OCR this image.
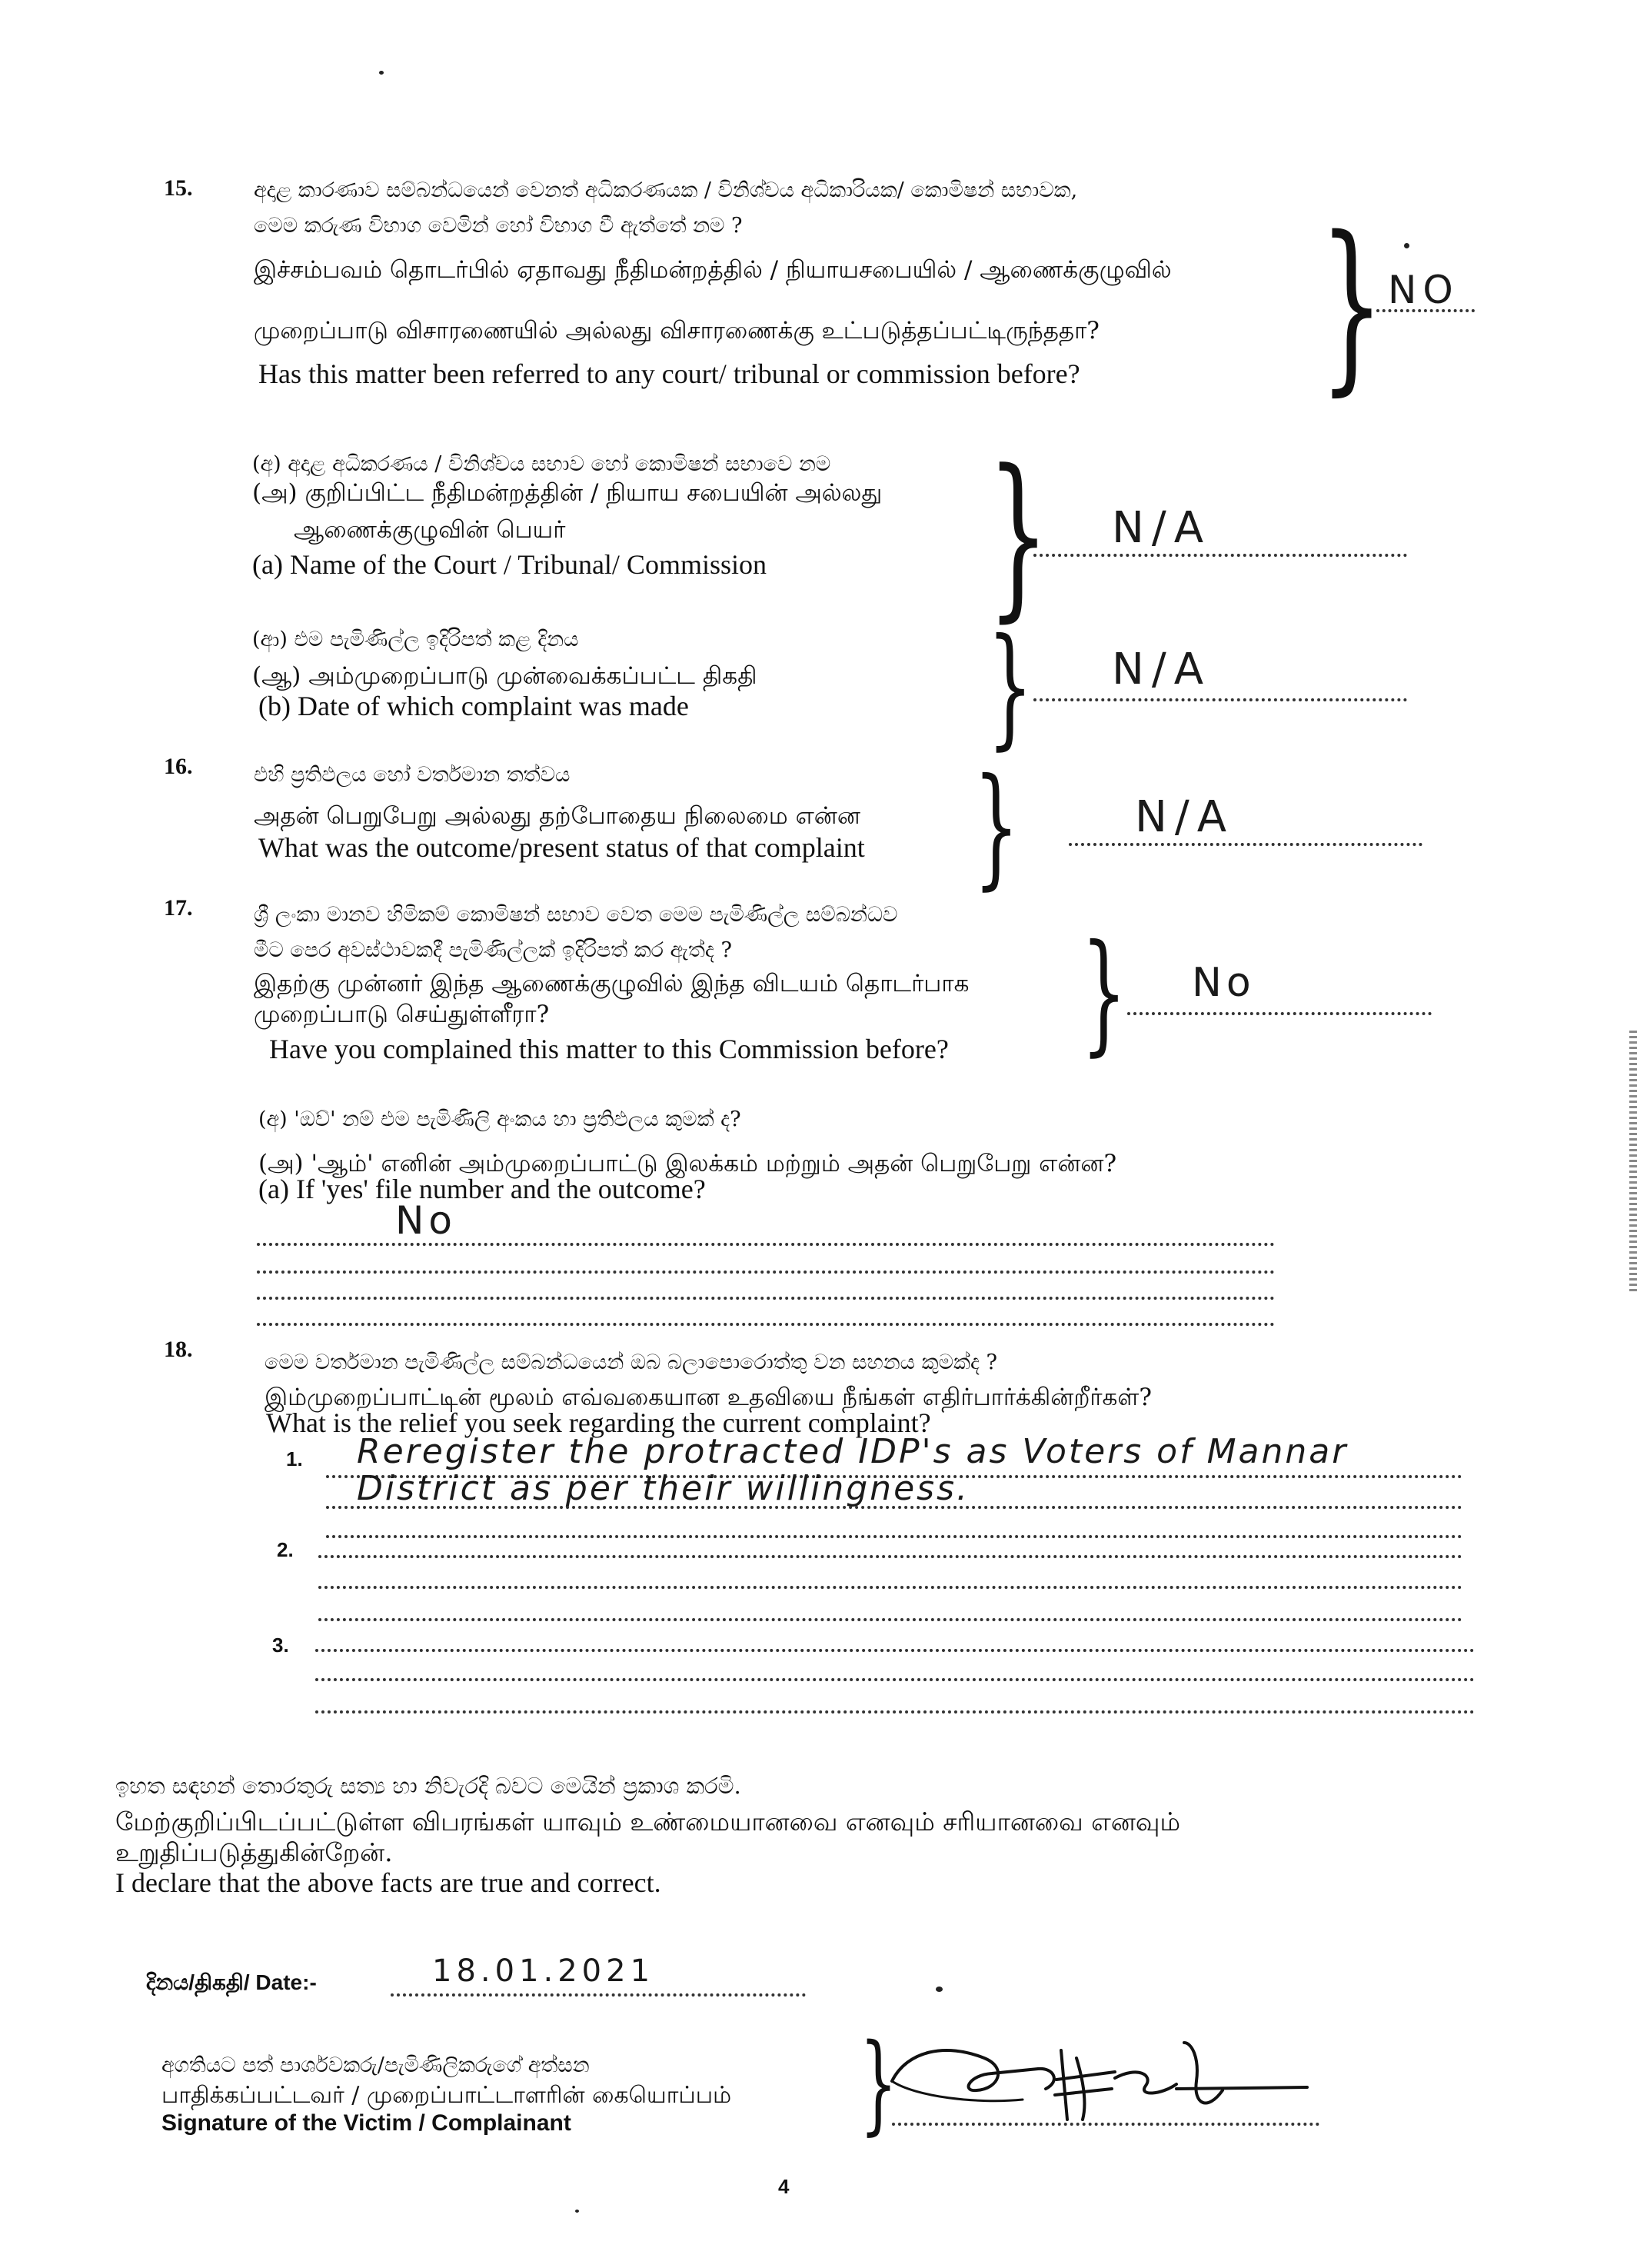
15.	අදාළ කාරණාව සම්බන්ධයෙන් වෙනත් අධිකරණයක / විනිශ්චය අධිකාරියක/ කොමිෂන් සභාවක,
මෙම කරුණ විභාග වෙමින් හෝ විභාග වී ඇත්තේ නම ?
இச்சம்பவம் தொடர்பில் ஏதாவது நீதிமன்றத்தில் / நியாயசபையில் / ஆணைக்குழுவில்
முறைப்பாடு விசாரணையில் அல்லது விசாரணைக்கு உட்படுத்தப்பட்டிருந்ததா?
Has this matter been referred to any court/ tribunal or commission before? } NO
(අ) අදාළ අධිකරණය / විනිශ්චය සභාව හෝ කොමිෂන් සභාවෙ නම
(அ) குறிப்பிட்ட நீதிமன்றத்தின் / நியாய சபையின் அல்லது
ஆணைக்குழுவின் பெயர்
(a) Name of the Court / Tribunal/ Commission } N/A
(ආ) එම පැමිණිල්ල ඉදිරිපත් කළ දිනය
(ஆ) அம்முறைப்பாடு முன்வைக்கப்பட்ட திகதி
(b) Date of which complaint was made } N/A
16.	එහි ප්‍රතිඵලය හෝ වර්තමාන තත්වය
அதன் பெறுபேறு அல்லது தற்போதைய நிலைமை என்ன
What was the outcome/present status of that complaint }	N/A
17.	ශ්‍රී ලංකා මානව හිමිකම් කොමිෂන් සභාව වෙත මෙම පැමිණිල්ල සම්බන්ධව
මීට පෙර අවස්ථාවකදී පැමිණිල්ලක් ඉදිරිපත් කර ඇත්ද ?
இதற்கு முன்னர் இந்த ஆணைக்குழுவில் இந்த விடயம் தொடர்பாக
முறைப்பாடு செய்துள்ளீரா?
Have you complained this matter to this Commission before? } No
(අ) 'ඔව්' නම් එම පැමිණිලි අංකය හා ප්‍රතිඵලය කුමක් ද?
(அ) 'ஆம்' எனின் அம்முறைப்பாட்டு இலக்கம் மற்றும் அதன் பெறுபேறு என்ன?
(a) If 'yes' file number and the outcome?
No
18.
මෙම වර්තමාන පැමිණිල්ල සම්බන්ධයෙන් ඔබ බලාපොරොත්තු වන සහනය කුමක්ද ?
இம்முறைப்பாட்டின் மூலம் எவ்வகையான உதவியை நீங்கள் எதிர்பார்க்கின்றீர்கள்?
What is the relief you seek regarding the current complaint?
1. Reregister the protracted IDP's as Voters of Mannar
District as per their willingness.
2.
3.
ඉහත සඳහන් තොරතුරු සත්‍ය හා නිවැරදි බවට මෙයින් ප්‍රකාශ කරමි.
மேற்குறிப்பிடப்பட்டுள்ள விபரங்கள் யாவும் உண்மையானவை எனவும் சரியானவை எனவும்
உறுதிப்படுத்துகின்றேன்.
I declare that the above facts are true and correct.
දිනය/திகதி/ Date:-	18.01.2021
අගතියට පත් පාර්ශවකරු/පැමිණිලිකරුගේ අත්සන
பாதிக்கப்பட்டவர் / முறைப்பாட்டாளரின் கையொப்பம்
Signature of the Victim / Complainant	}
4
